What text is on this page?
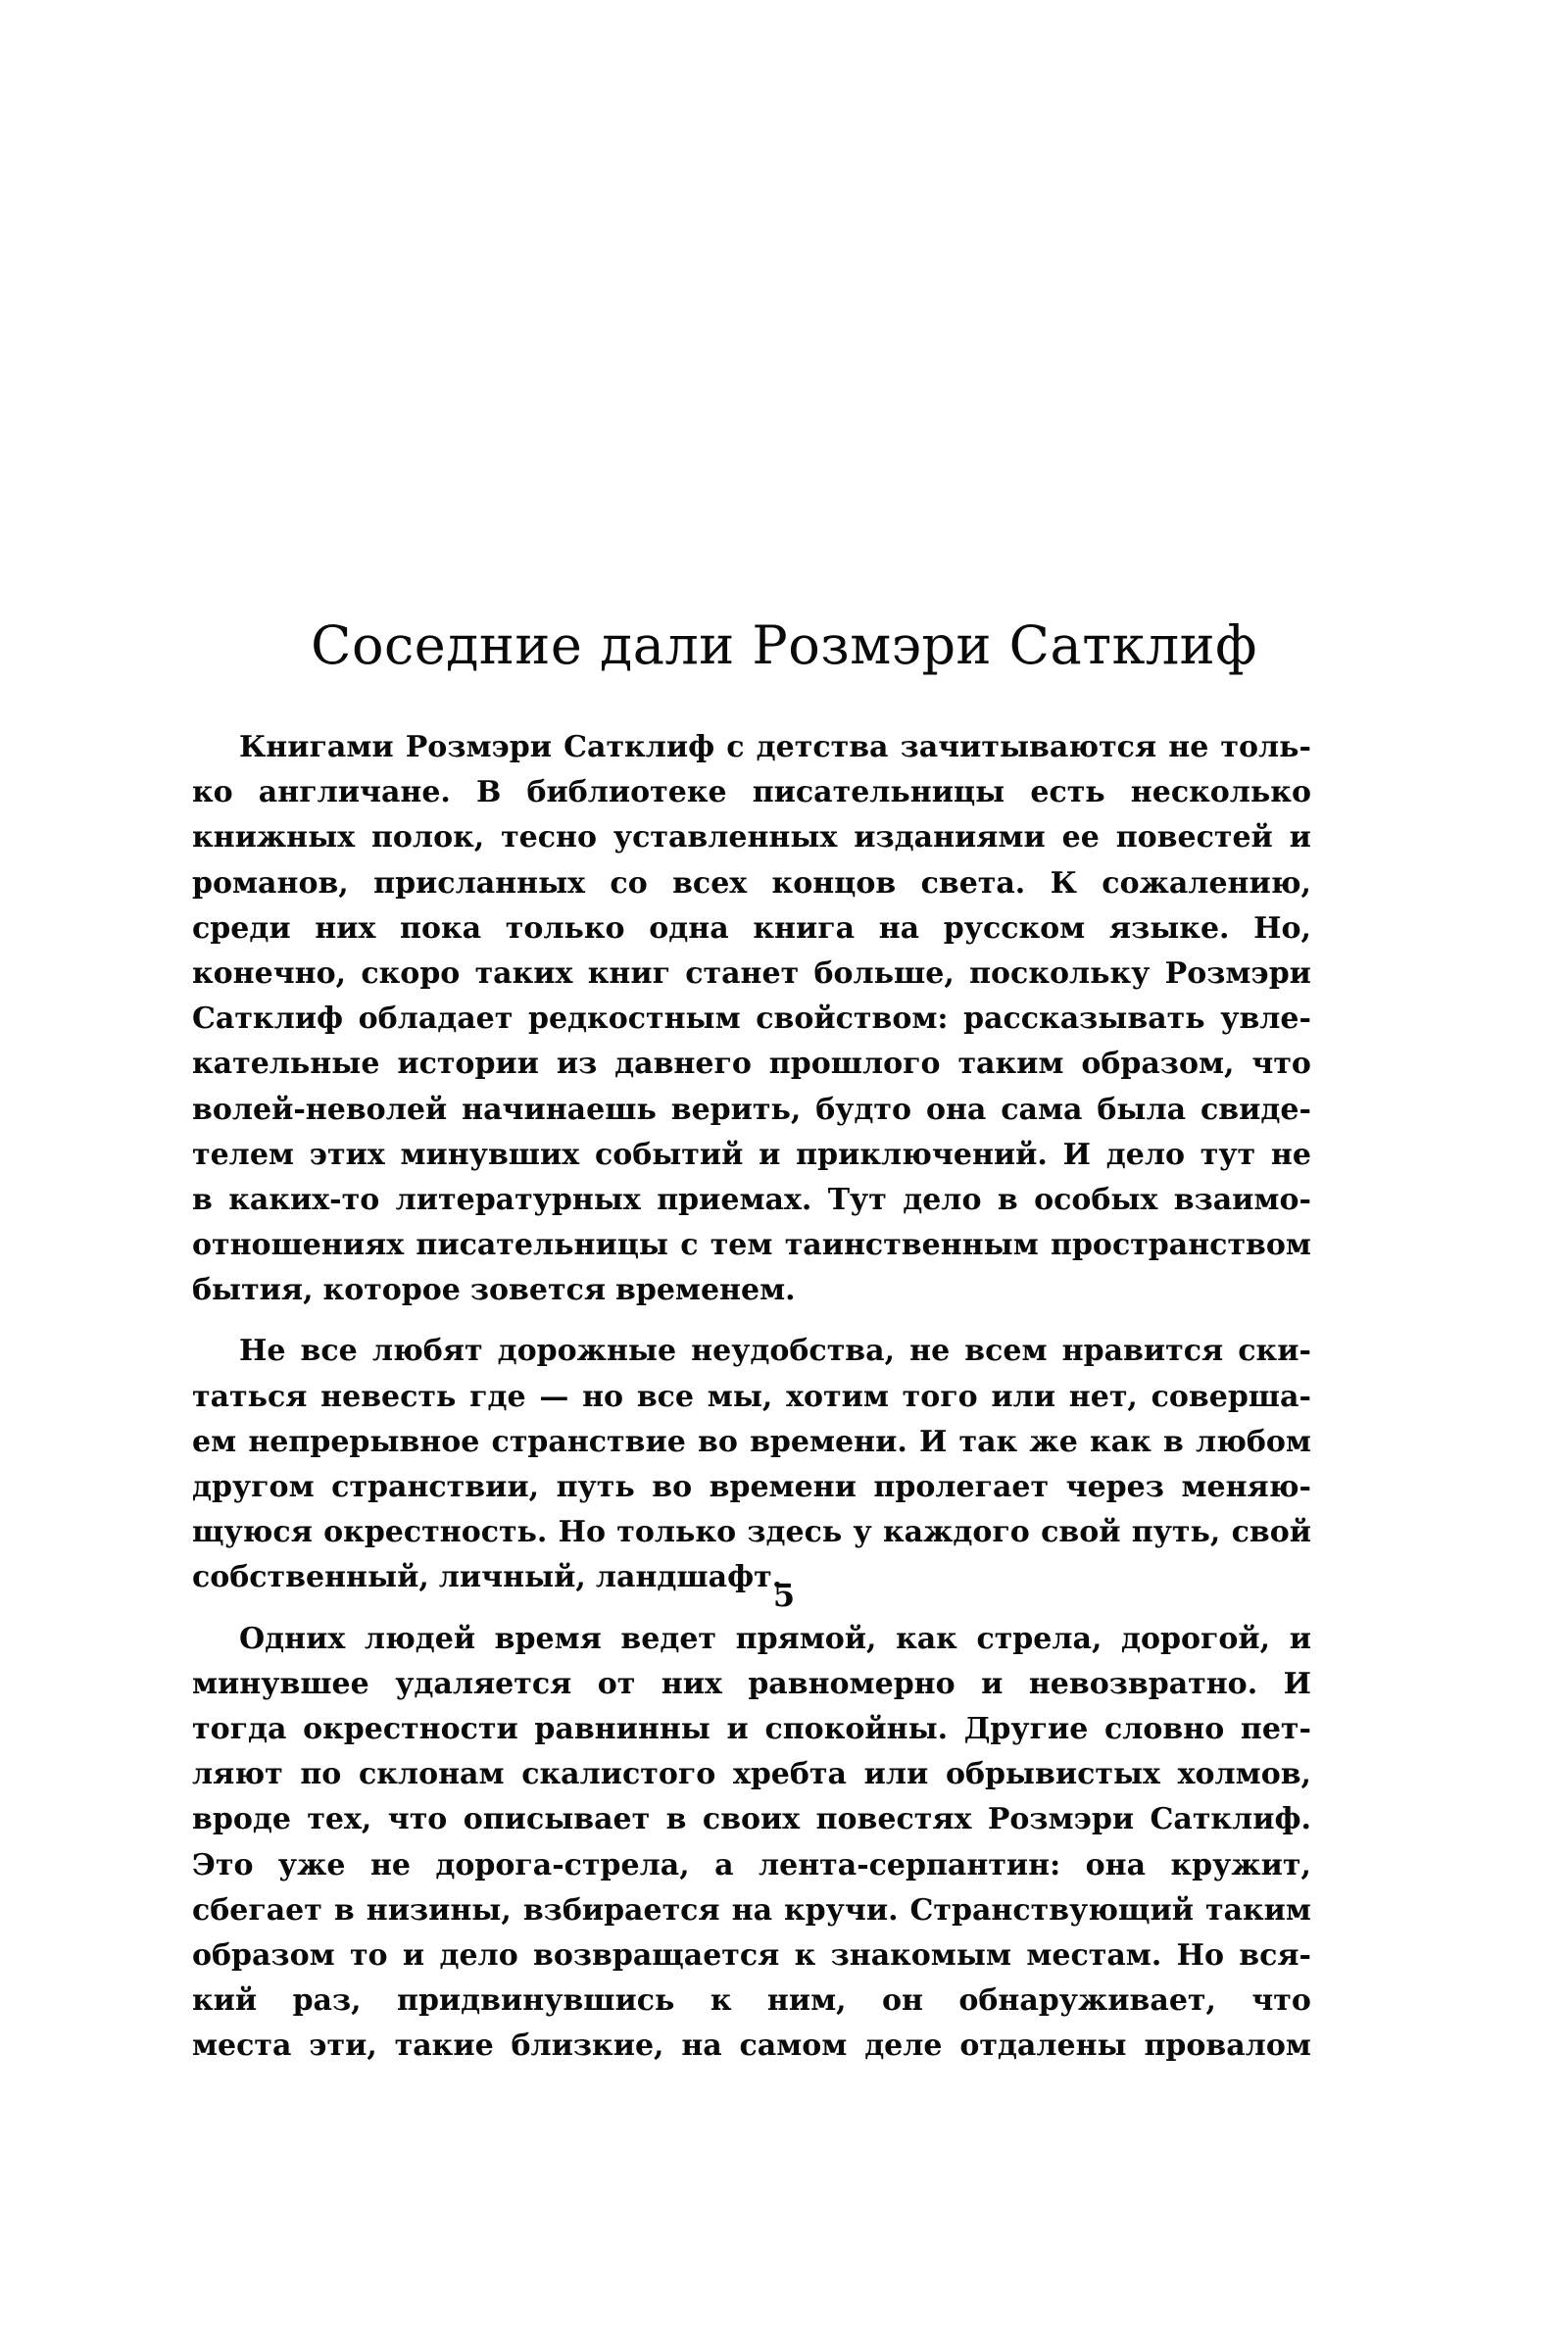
Соседние дали Розмэри Сатклиф
Книгами Розмэри Сатклиф с детства зачитываются не толь-
ко англичане. В библиотеке писательницы есть несколько
книжных полок, тесно уставленных изданиями ее повестей и
романов, присланных со всех концов света. К сожалению,
среди них пока только одна книга на русском языке. Но,
конечно, скоро таких книг станет больше, поскольку Розмэри
Сатклиф обладает редкостным свойством: рассказывать увле-
кательные истории из давнего прошлого таким образом, что
волей-неволей начинаешь верить, будто она сама была свиде-
телем этих минувших событий и приключений. И дело тут не
в каких-то литературных приемах. Тут дело в особых взаимо-
отношениях писательницы с тем таинственным пространством
бытия, которое зовется временем.
Не все любят дорожные неудобства, не всем нравится ски-
таться невесть где — но все мы, хотим того или нет, соверша-
ем непрерывное странствие во времени. И так же как в любом
другом странствии, путь во времени пролегает через меняю-
щуюся окрестность. Но только здесь у каждого свой путь, свой
собственный, личный, ландшафт.
Одних людей время ведет прямой, как стрела, дорогой, и
минувшее удаляется от них равномерно и невозвратно. И
тогда окрестности равнинны и спокойны. Другие словно пет-
ляют по склонам скалистого хребта или обрывистых холмов,
вроде тех, что описывает в своих повестях Розмэри Сатклиф.
Это уже не дорога-стрела, а лента-серпантин: она кружит,
сбегает в низины, взбирается на кручи. Странствующий таким
образом то и дело возвращается к знакомым местам. Но вся-
кий раз, придвинувшись к ним, он обнаруживает, что
места эти, такие близкие, на самом деле отдалены провалом
5
